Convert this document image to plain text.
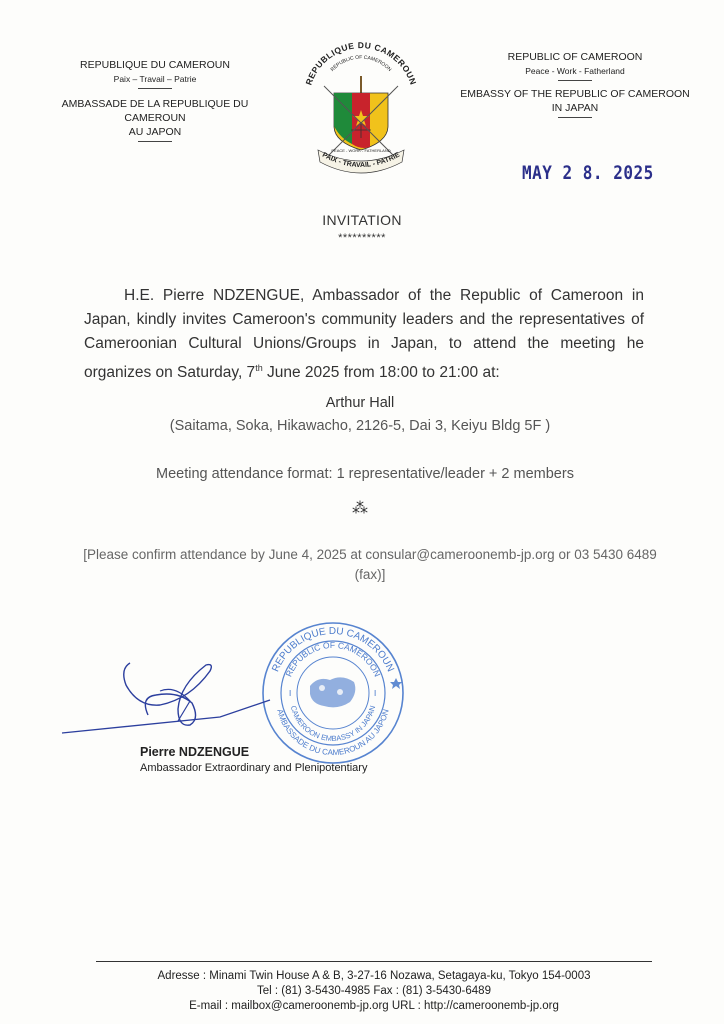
REPUBLIQUE DU CAMEROUN
Paix – Travail – Patrie
AMBASSADE DE LA REPUBLIQUE DU CAMEROUN
AU JAPON
REPUBLIC OF CAMEROON
Peace - Work - Fatherland
EMBASSY OF THE REPUBLIC OF CAMEROON
IN JAPAN
REPUBLIQUE DU CAMEROUN
REPUBLIC OF CAMEROON
PEACE - WORK - FATHERLAND
PAIX - TRAVAIL - PATRIE
MAY 2 8. 2025
INVITATION
**********
H.E. Pierre NDZENGUE, Ambassador of the Republic of Cameroon in Japan, kindly invites Cameroon's community leaders and the representatives of Cameroonian Cultural Unions/Groups in Japan, to attend the meeting he organizes on Saturday, 7th June 2025 from 18:00 to 21:00 at:
Arthur Hall
(Saitama, Soka, Hikawacho, 2126-5, Dai 3, Keiyu Bldg 5F )
Meeting attendance format: 1 representative/leader + 2 members
⁂
[Please confirm attendance by June 4, 2025 at consular@cameroonemb-jp.org or 03 5430 6489
(fax)]
REPUBLIQUE DU CAMEROUN
REPUBLIC OF CAMEROON
CAMEROON EMBASSY IN JAPAN
AMBASSADE DU CAMEROUN AU JAPON
I	I
Pierre NDZENGUE
Ambassador Extraordinary and Plenipotentiary
Adresse : Minami Twin House A & B, 3-27-16 Nozawa, Setagaya-ku, Tokyo 154-0003
Tel : (81) 3-5430-4985 Fax : (81) 3-5430-6489
E-mail : mailbox@cameroonemb-jp.org URL : http://cameroonemb-jp.org
